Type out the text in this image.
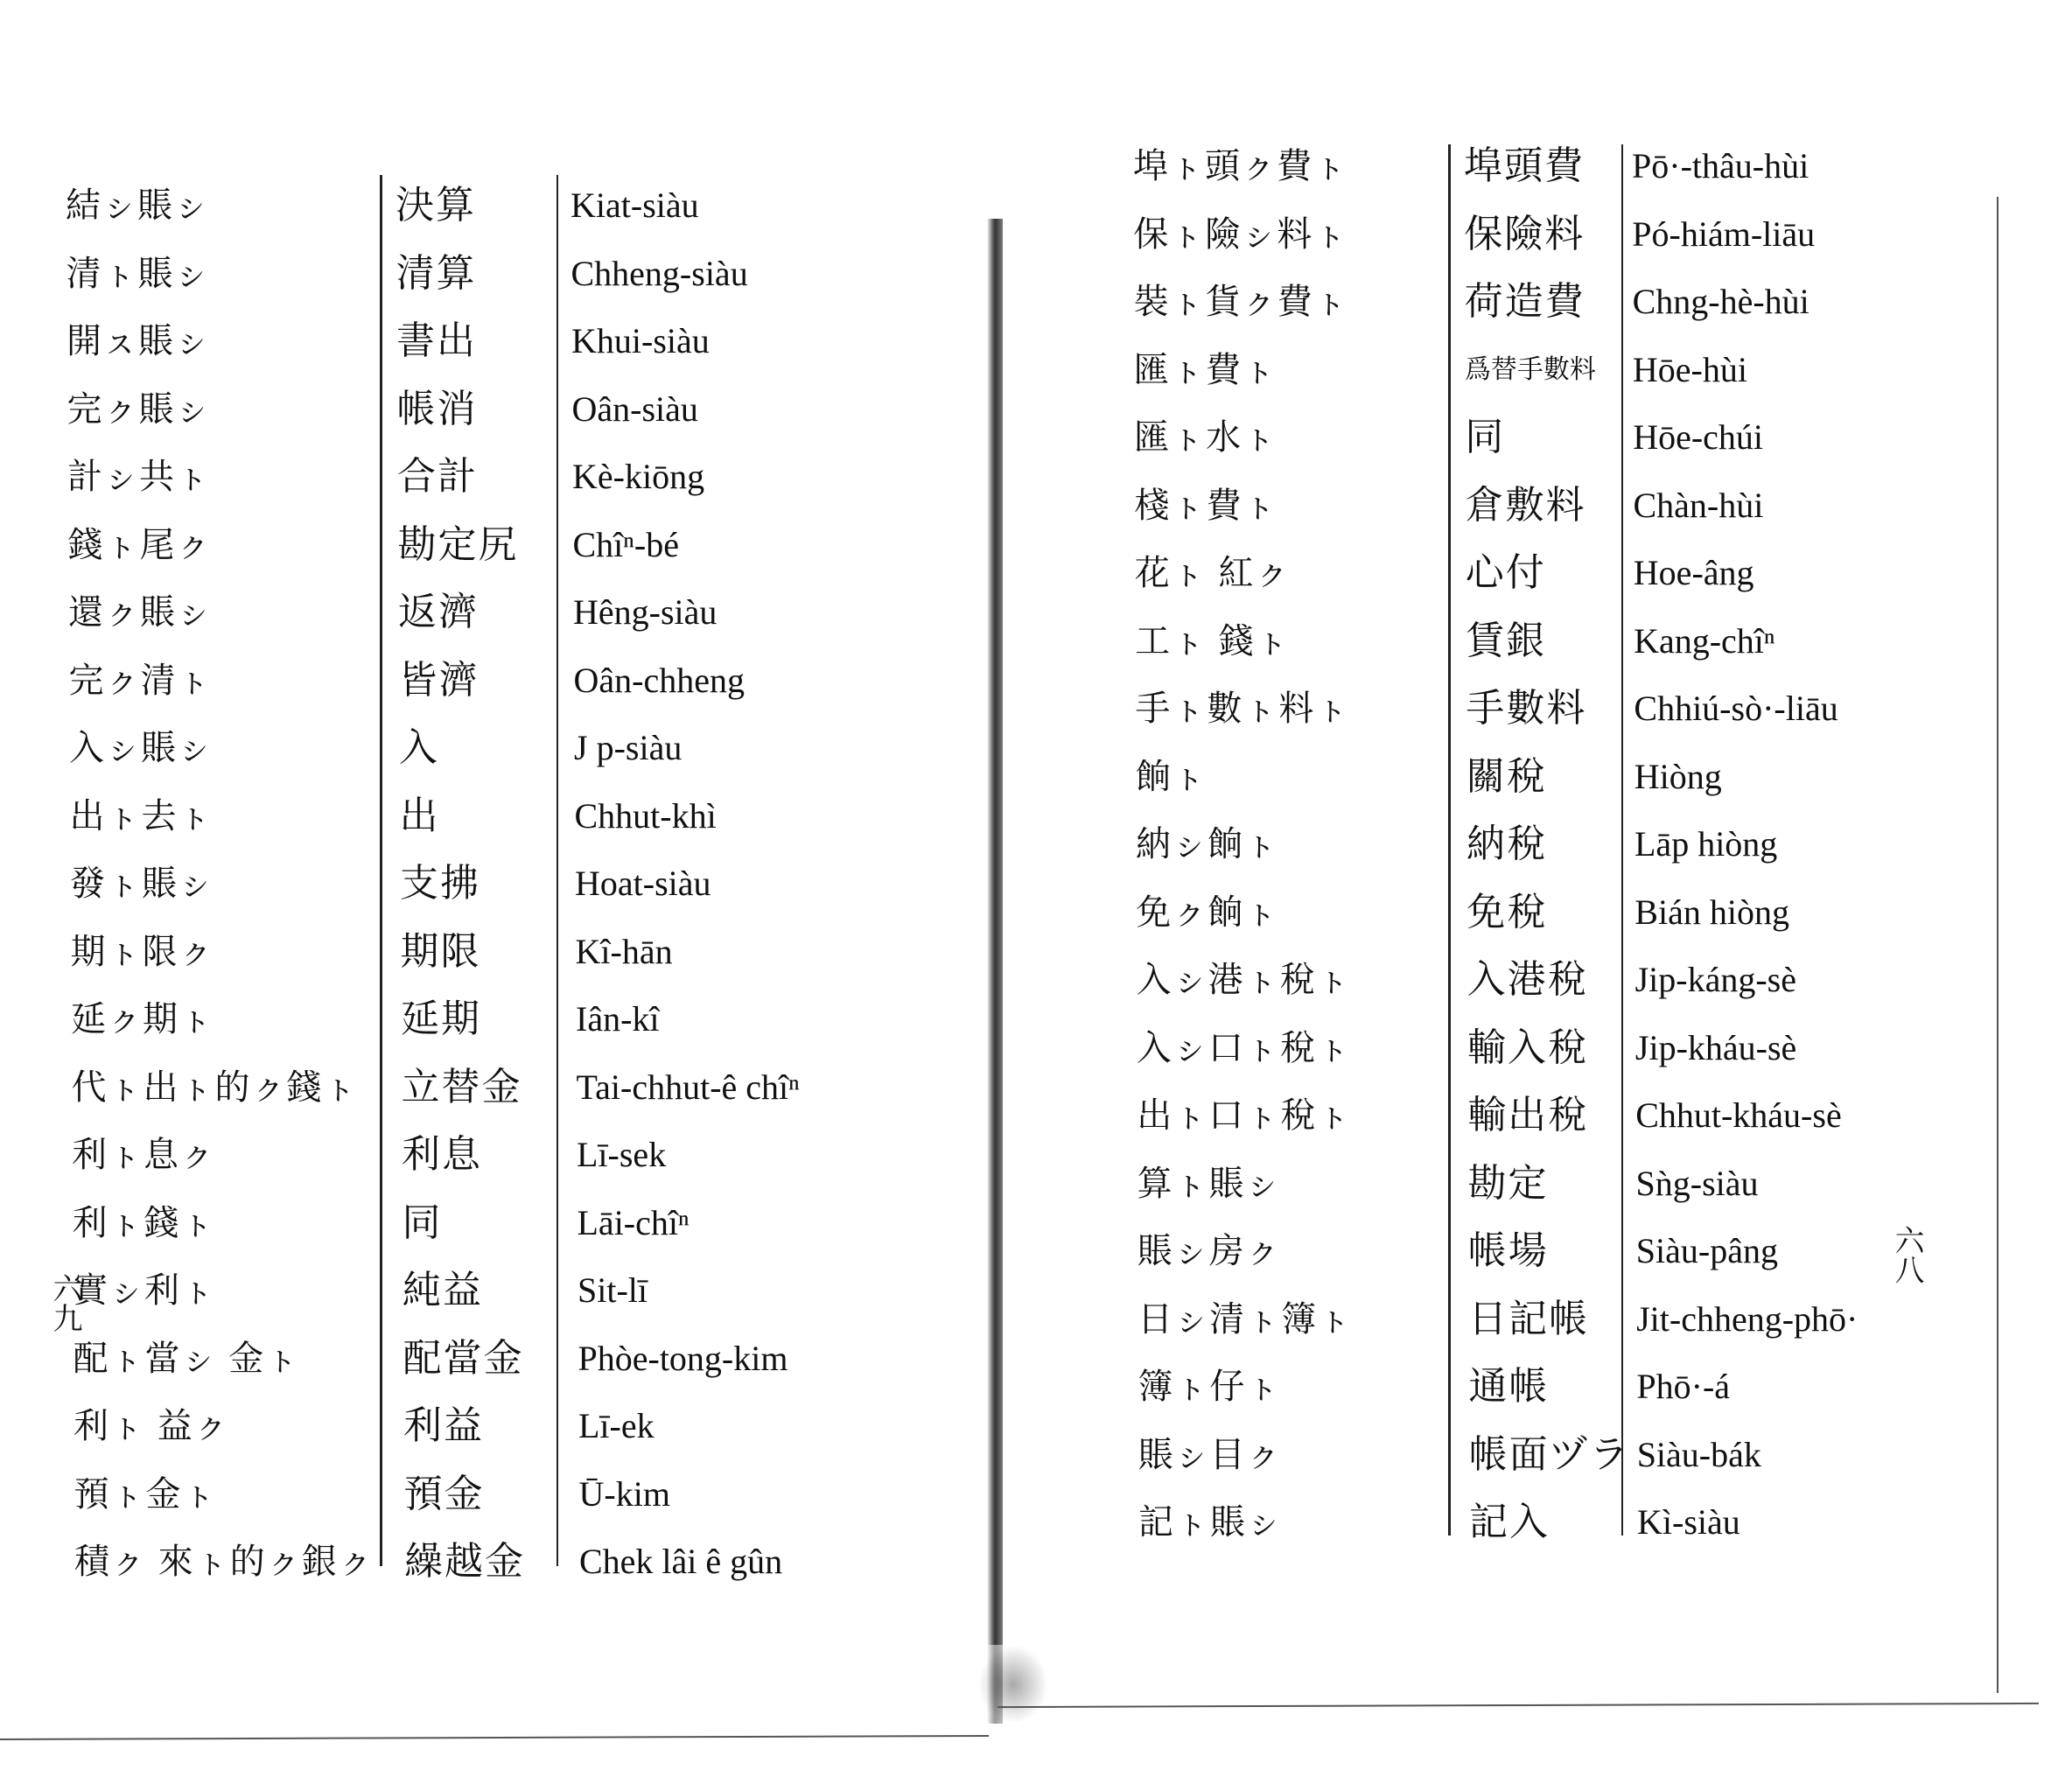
結ㇱ賬ㇱ	決算	Kiat-siàu
清ㇳ賬ㇱ	清算	Chheng-siàu
開ㇲ賬ㇱ	書出	Khui-siàu
完ㇰ賬ㇱ	帳消	Oân-siàu
計ㇱ共ㇳ	合計	Kè-kiōng
錢ㇳ尾ㇰ	勘定尻 Chîⁿ-bé
還ㇰ賬ㇱ	返濟	Hêng-siàu
完ㇰ清ㇳ	皆濟	Oân-chheng
入ㇱ賬ㇱ	入	J p-siàu
出ㇳ去ㇳ	出	Chhut-khì
發ㇳ賬ㇱ	支拂	Hoat-siàu
期ㇳ限ㇰ	期限	Kî-hān
延ㇰ期ㇳ	延期	Iân-kî
代ㇳ出ㇳ的ㇰ錢ㇳ 立替金 Tai-chhut-ê chîⁿ
利ㇳ息ㇰ	利息	Lī-sek
利ㇳ錢ㇳ	同	Lāi-chîⁿ
實ㇱ利ㇳ	純益	Sit-lī
配ㇳ當ㇱ 金ㇳ	配當金 Phòe-tong-kim
利ㇳ 益ㇰ	利益	Lī-ek
預ㇳ金ㇳ	預金	Ū-kim
積ㇰ 來ㇳ的ㇰ銀ㇰ 繰越金 Chek lâi ê gûn
六九
埠ㇳ頭ㇰ費ㇳ	埠頭費 Pō·-thâu-hùi
保ㇳ險ㇱ料ㇳ	保險料 Pó-hiám-liāu
裝ㇳ貨ㇰ費ㇳ	荷造費 Chng-hè-hùi
匯ㇳ費ㇳ	爲替手數料 Hōe-hùi
匯ㇳ水ㇳ	同	Hōe-chúi
棧ㇳ費ㇳ	倉敷料 Chàn-hùi
花ㇳ 紅ㇰ	心付	Hoe-âng
工ㇳ 錢ㇳ	賃銀	Kang-chîⁿ
手ㇳ數ㇳ料ㇳ	手數料 Chhiú-sò·-liāu
餉ㇳ	關稅	Hiòng
納ㇱ餉ㇳ	納稅	Lāp hiòng
免ㇰ餉ㇳ	免稅	Bián hiòng
入ㇱ港ㇳ稅ㇳ	入港稅 Jip-káng-sè
入ㇱ口ㇳ稅ㇳ	輸入稅 Jip-kháu-sè
出ㇳ口ㇳ稅ㇳ	輸出稅 Chhut-kháu-sè
算ㇳ賬ㇱ	勘定	Sǹg-siàu
賬ㇱ房ㇰ	帳場	Siàu-pâng
日ㇱ清ㇳ簿ㇳ	日記帳 Jit-chheng-phō·
簿ㇳ仔ㇳ	通帳	Phō·-á
賬ㇱ目ㇰ	帳面ヅラ Siàu-bák
記ㇳ賬ㇱ	記入	Kì-siàu
六八
